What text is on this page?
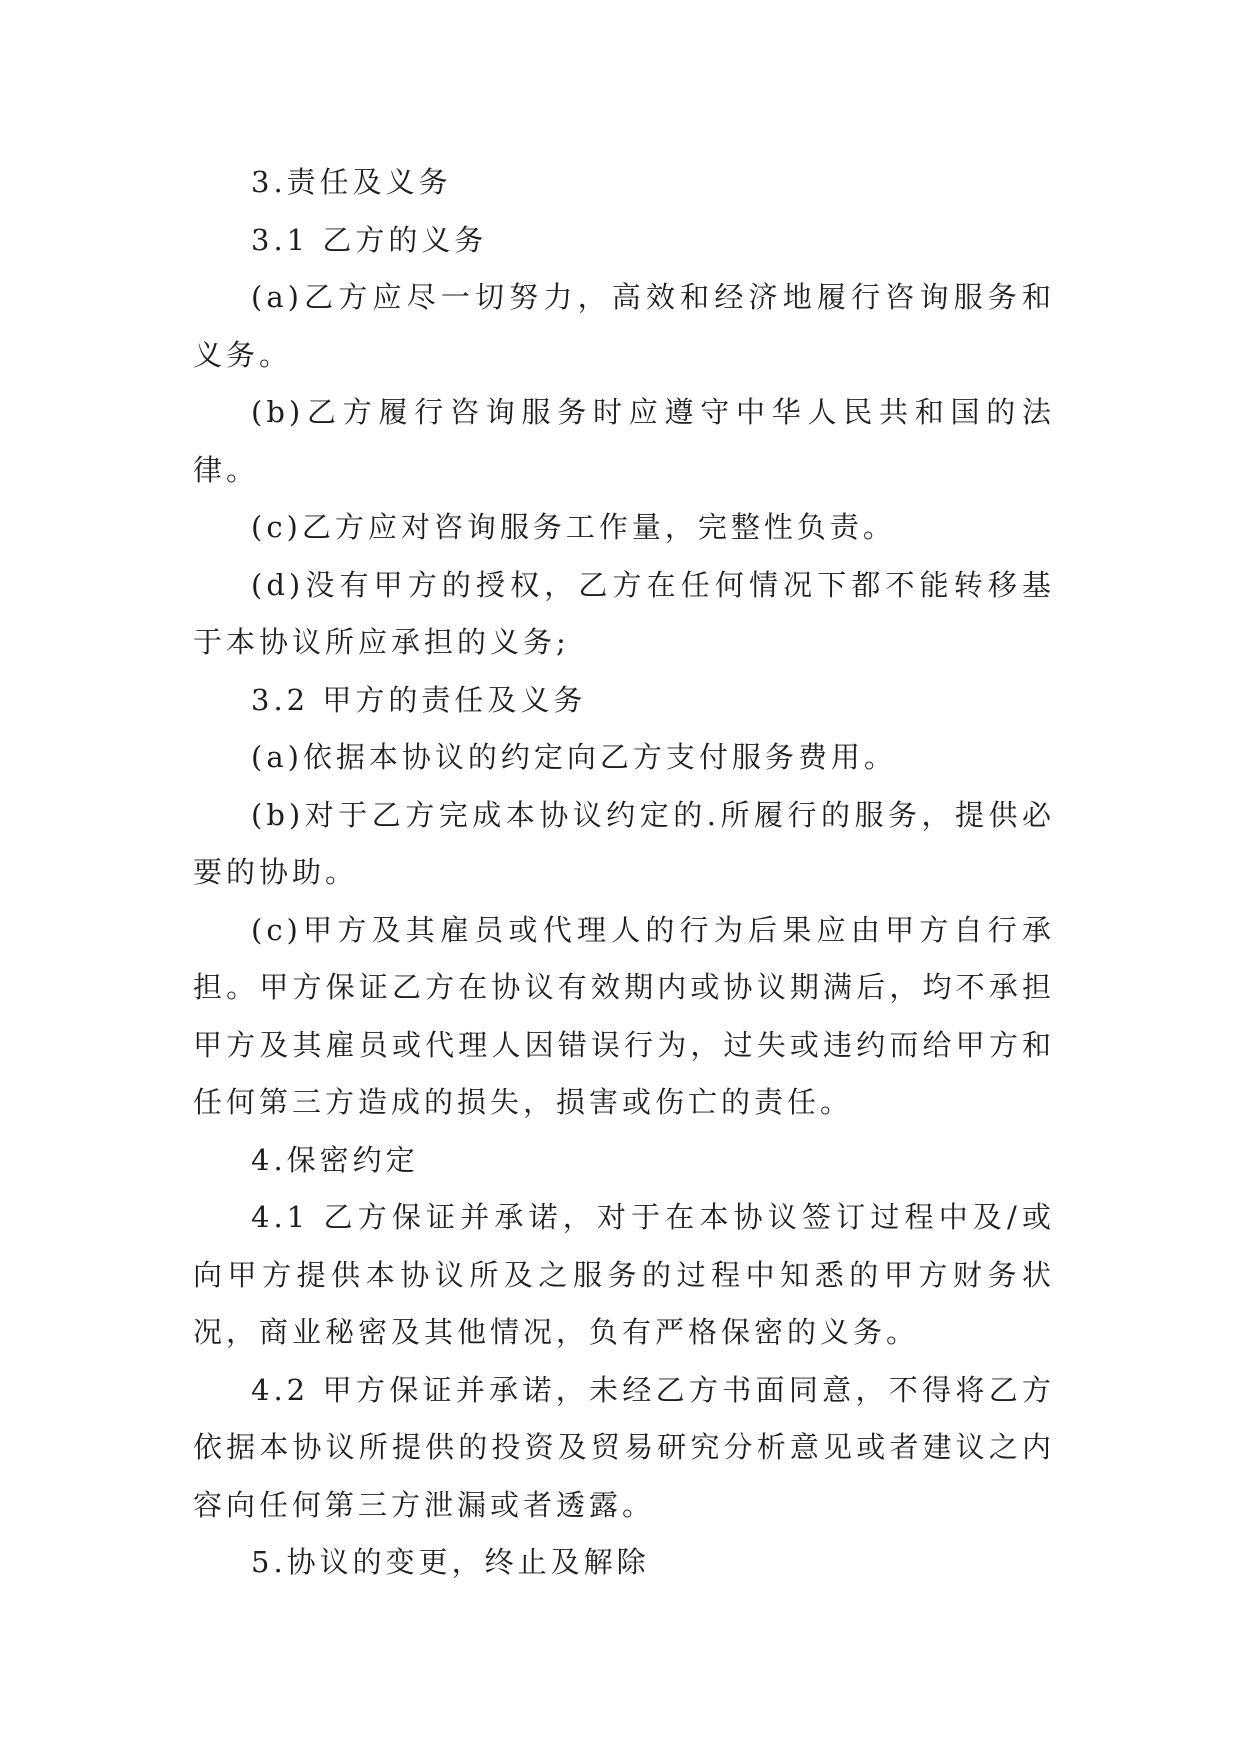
3.责任及义务

3.1 乙方的义务

(a)乙方应尽一切努力，高效和经济地履行咨询服务和义务。

(b)乙方履行咨询服务时应遵守中华人民共和国的法律。

(c)乙方应对咨询服务工作量，完整性负责。

(d)没有甲方的授权，乙方在任何情况下都不能转移基于本协议所应承担的义务;

3.2 甲方的责任及义务

(a)依据本协议的约定向乙方支付服务费用。

(b)对于乙方完成本协议约定的.所履行的服务，提供必要的协助。

(c)甲方及其雇员或代理人的行为后果应由甲方自行承担。甲方保证乙方在协议有效期内或协议期满后，均不承担甲方及其雇员或代理人因错误行为，过失或违约而给甲方和任何第三方造成的损失，损害或伤亡的责任。

4.保密约定

4.1 乙方保证并承诺，对于在本协议签订过程中及/或向甲方提供本协议所及之服务的过程中知悉的甲方财务状况，商业秘密及其他情况，负有严格保密的义务。

4.2 甲方保证并承诺，未经乙方书面同意，不得将乙方依据本协议所提供的投资及贸易研究分析意见或者建议之内容向任何第三方泄漏或者透露。

5.协议的变更，终止及解除
